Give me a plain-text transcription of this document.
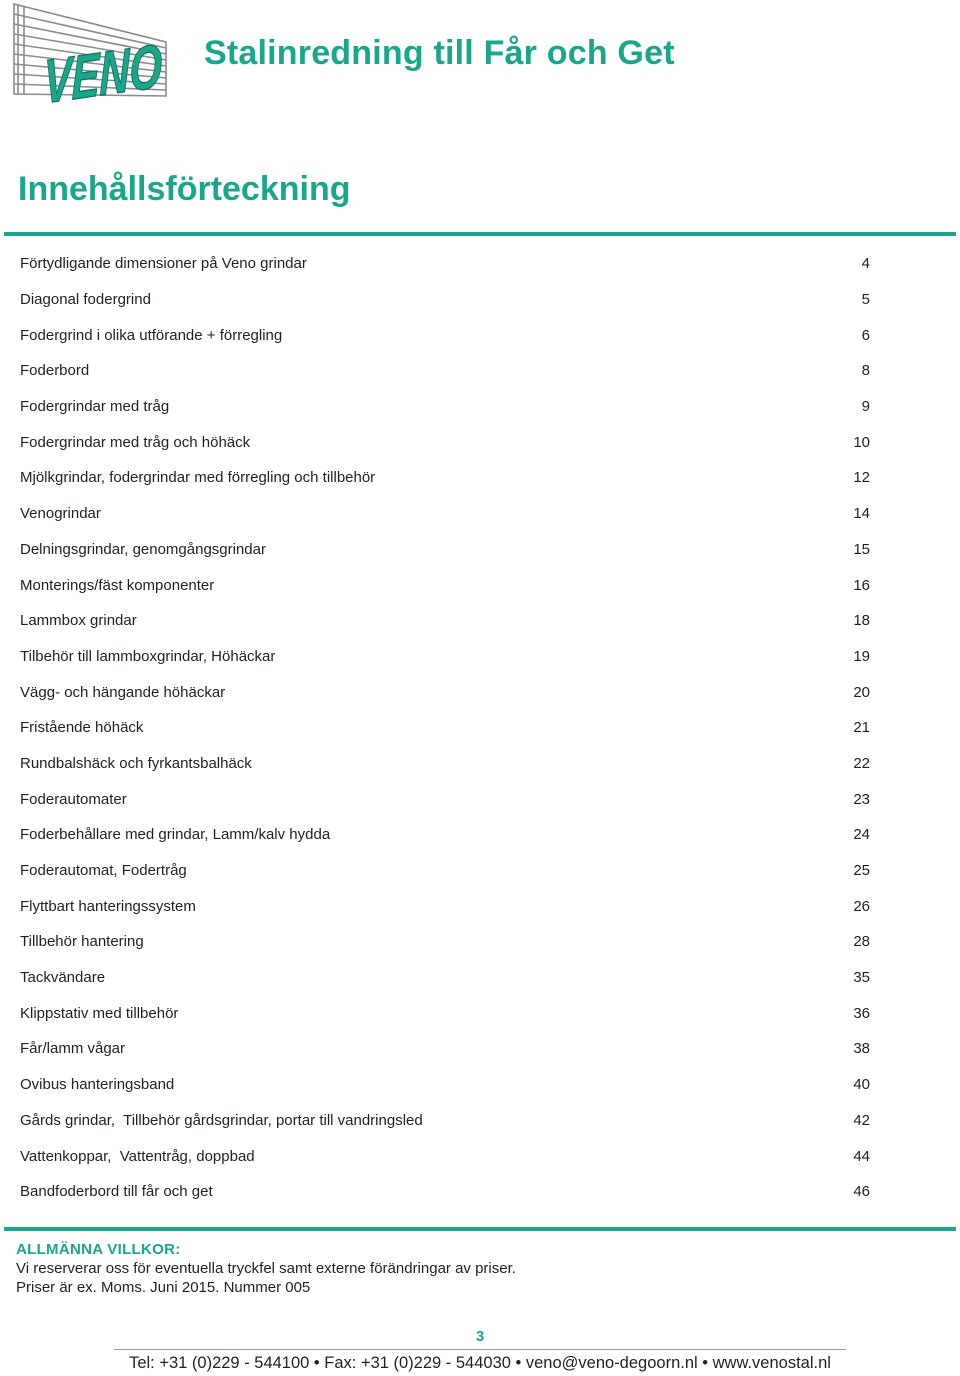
VENO
Stalinredning till Får och Get
Innehållsförteckning
Förtydligande dimensioner på Veno grindar	4
Diagonal fodergrind	5
Fodergrind i olika utförande + förregling	6
Foderbord	8
Fodergrindar med tråg	9
Fodergrindar med tråg och höhäck	10
Mjölkgrindar, fodergrindar med förregling och tillbehör	12
Venogrindar	14
Delningsgrindar, genomgångsgrindar	15
Monterings/fäst komponenter	16
Lammbox grindar	18
Tilbehör till lammboxgrindar, Höhäckar	19
Vägg- och hängande höhäckar	20
Fristående höhäck	21
Rundbalshäck och fyrkantsbalhäck	22
Foderautomater	23
Foderbehållare med grindar, Lamm/kalv hydda	24
Foderautomat, Fodertråg	25
Flyttbart hanteringssystem	26
Tillbehör hantering	28
Tackvändare	35
Klippstativ med tillbehör	36
Får/lamm vågar	38
Ovibus hanteringsband	40
Gårds grindar,  Tillbehör gårdsgrindar, portar till vandringsled	42
Vattenkoppar,  Vattentråg, doppbad	44
Bandfoderbord till får och get	46
ALLMÄNNA VILLKOR:
Vi reserverar oss för eventuella tryckfel samt externe förändringar av priser.
Priser är ex. Moms. Juni 2015. Nummer 005
3
Tel: +31 (0)229 - 544100 • Fax: +31 (0)229 - 544030 • veno@veno-degoorn.nl • www.venostal.nl
